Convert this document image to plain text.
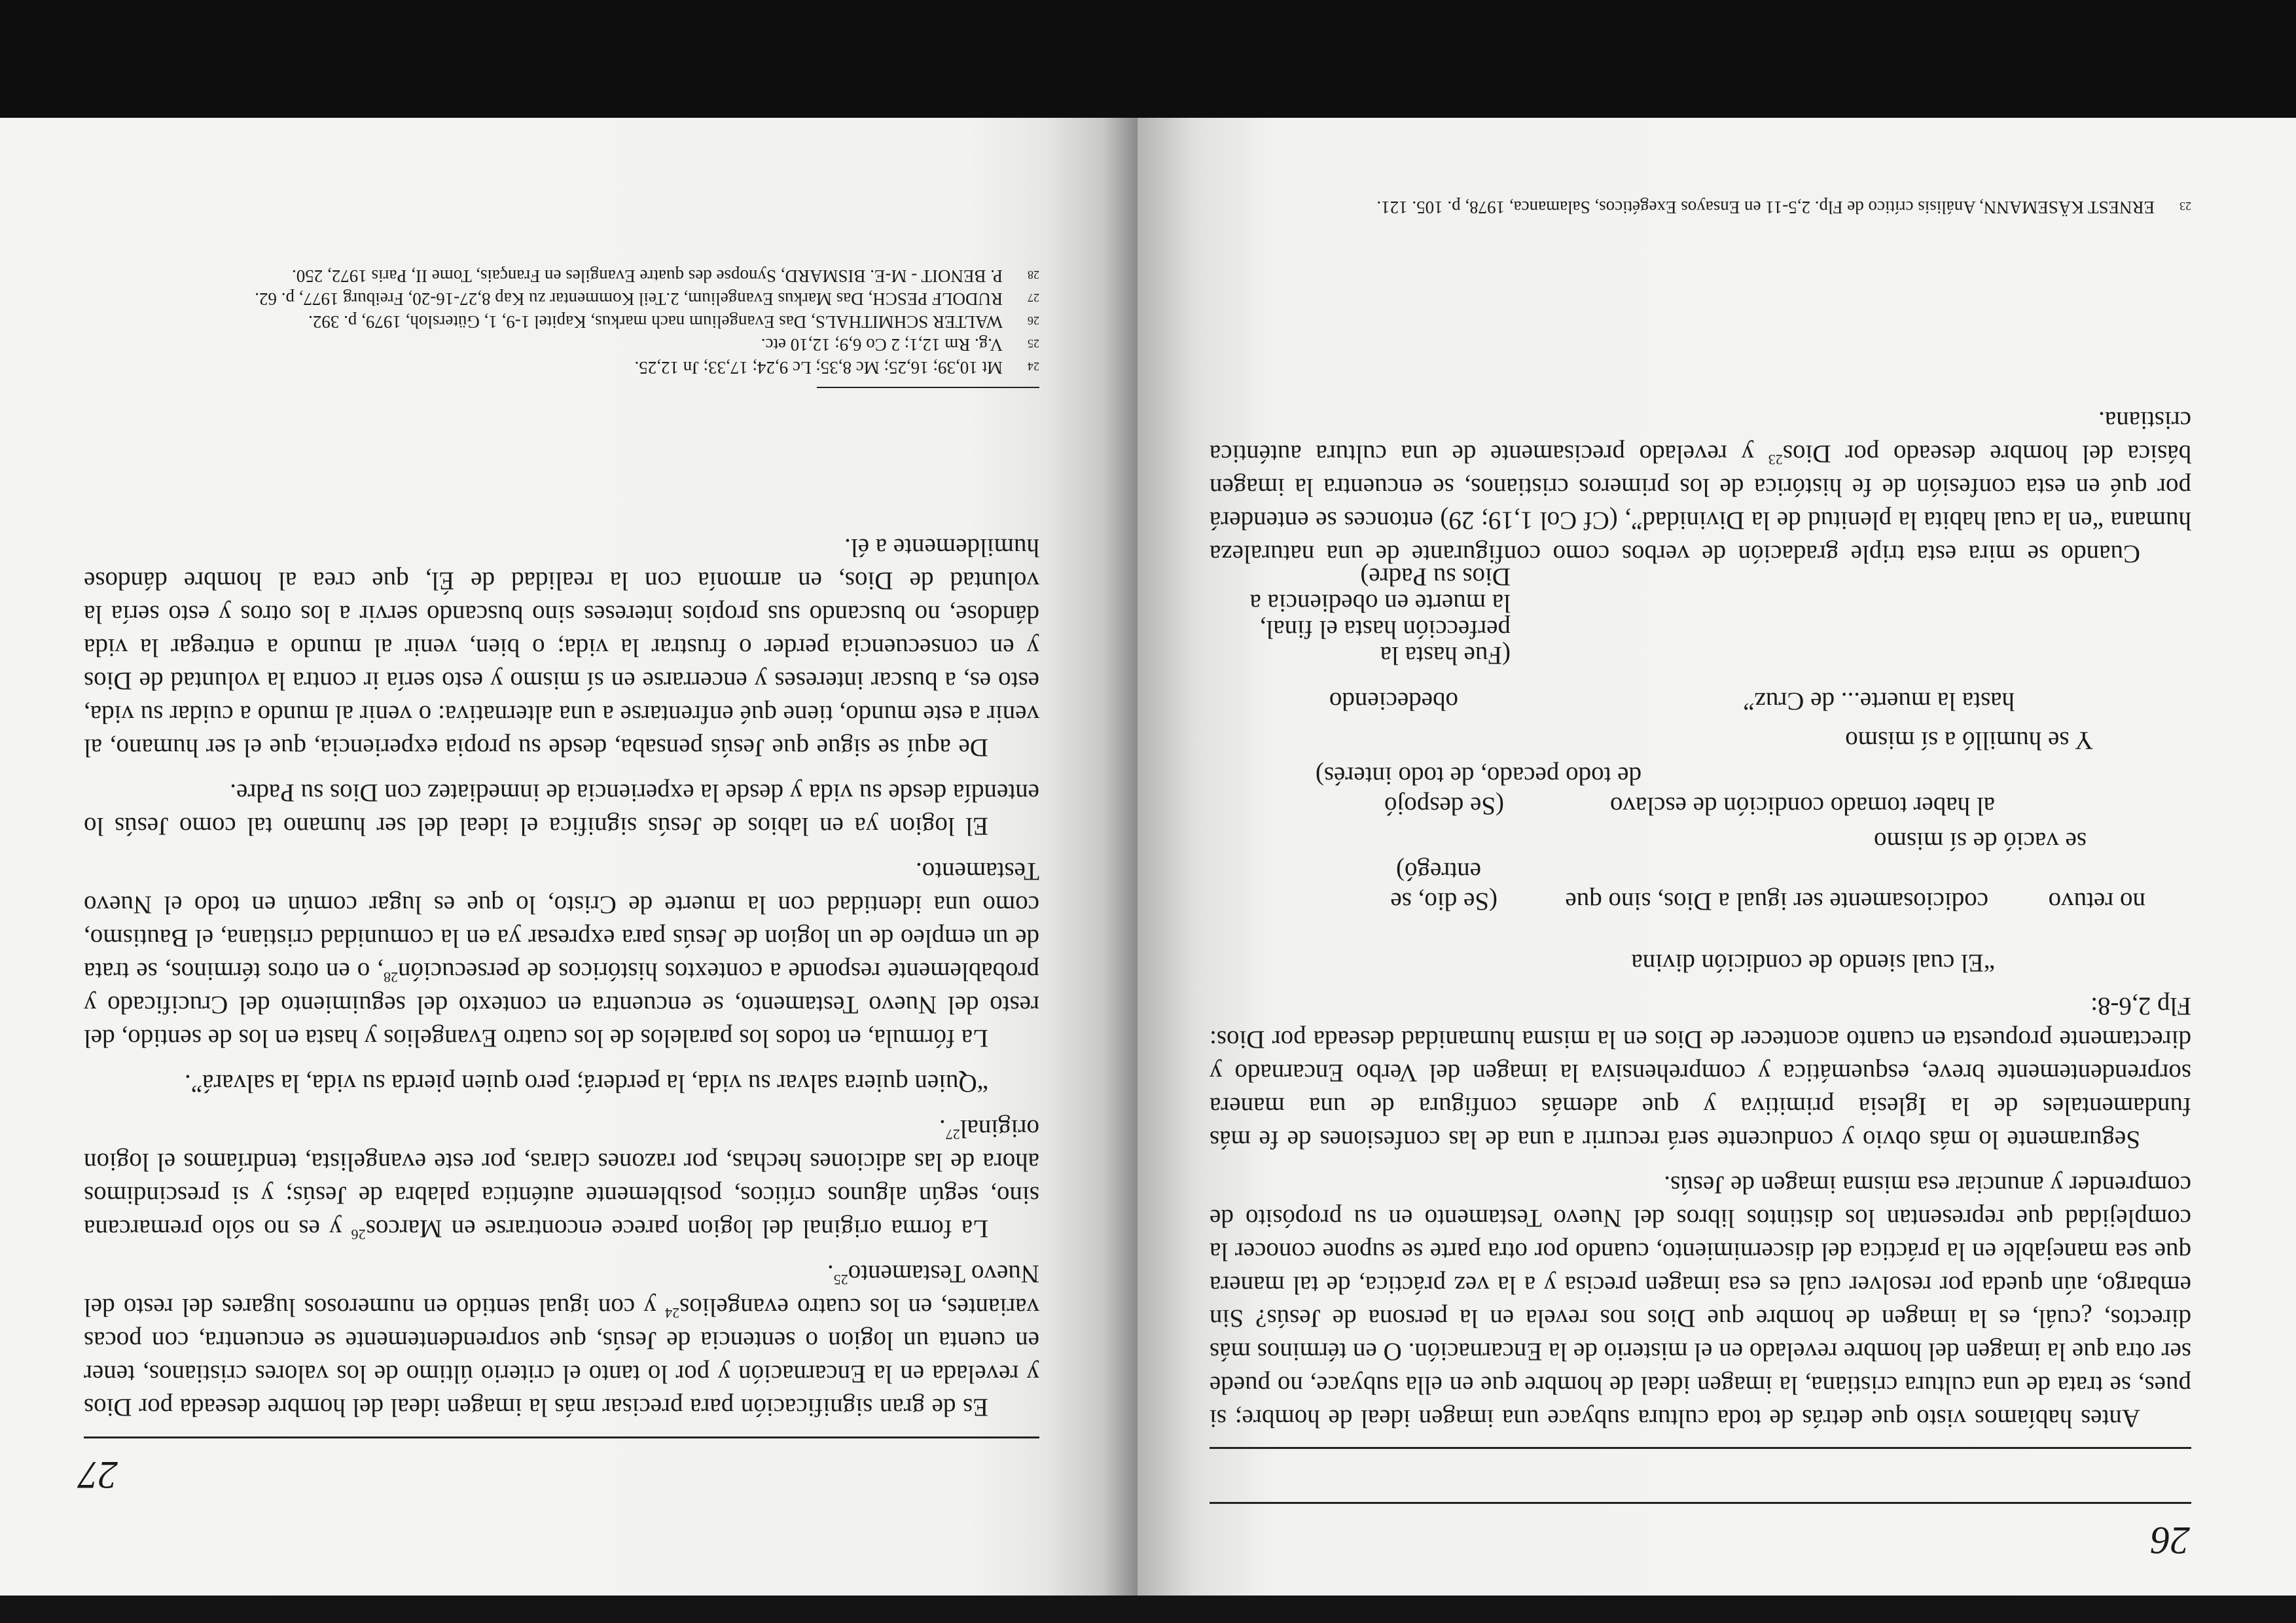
26

Antes habíamos visto que detrás de toda cultura subyace una imagen ideal de hombre; si pues, se trata de una cultura cristiana, la imagen ideal de hombre que en ella subyace, no puede ser otra que la imagen del hombre revelado en el misterio de la Encarnación. O en términos más directos, ¿cuál, es la imagen de hombre que Dios nos revela en la persona de Jesús? Sin embargo, aún queda por resolver cuál es esa imagen precisa y a la vez práctica, de tal manera que sea manejable en la práctica del discernimiento, cuando por otra parte se supone conocer la complejidad que representan los distintos libros del Nuevo Testamento en su propósito de comprender y anunciar esa misma imagen de Jesús.

Seguramente lo más obvio y conducente será recurrir a una de las confesiones de fe más fundamentales de la Iglesia primitiva y que además configura de una manera sorprendentemente breve, esquemática y comprehensiva la imagen del Verbo Encarnado y directamente propuesta en cuanto acontecer de Dios en la misma humanidad deseada por Dios: Flp 2,6-8:

“El cual siendo de condición divina
no retuvo
codiciosamente ser igual a Dios, sino que
(Se dio, se
entregó)
se vació de sí mismo
al haber tomado condición de esclavo
(Se despojó
de todo pecado, de todo interés)
Y se humilló a sí mismo
obedeciendo	hasta la muerte... de Cruz”
(Fue hasta la
perfección hasta el final,
la muerte en obediencia a
Dios su Padre)

Cuando se mira esta triple gradación de verbos como configurante de una naturaleza humana “en la cual habita la plenitud de la Divinidad”, (Cf Col 1,19; 29) entonces se entenderá por qué en esta confesión de fe histórica de los primeros cristianos, se encuentra la imagen básica del hombre deseado por Dios$^{23}$ y revelado precisamente de una cultura auténtica cristiana.

23
ERNEST KÄSEMANN, Análisis crítico de Flp. 2,5-11 en Ensayos Exegéticos, Salamanca, 1978, p. 105. 121.
27

Es de gran significación para precisar más la imagen ideal del hombre deseada por Dios y revelada en la Encarnación y por lo tanto el criterio último de los valores cristianos, tener en cuenta un logion o sentencia de Jesús, que sorprendentemente se encuentra, con pocas variantes, en los cuatro evangelios$^{24}$ y con igual sentido en numerosos lugares del resto del Nuevo Testamento$^{25}$.

La forma original del logion parece encontrarse en Marcos$^{26}$ y es no sólo premarcana sino, según algunos críticos, posiblemente auténtica palabra de Jesús; y si prescindimos ahora de las adiciones hechas, por razones claras, por este evangelista, tendríamos el logion original$^{27}$.

“Quien quiera salvar su vida, la perderá; pero quien pierda su vida, la salvará”.

La fórmula, en todos los paralelos de los cuatro Evangelios y hasta en los de sentido, del resto del Nuevo Testamento, se encuentra en contexto del seguimiento del Crucificado y probablemente responde a contextos históricos de persecución$^{28}$, o en otros términos, se trata de un empleo de un logion de Jesús para expresar ya en la comunidad cristiana, el Bautismo, como una identidad con la muerte de Cristo, lo que es lugar común en todo el Nuevo Testamento.

El logion ya en labios de Jesús significa el ideal del ser humano tal como Jesús lo entendía desde su vida y desde la experiencia de inmediatez con Dios su Padre.

De aquí se sigue que Jesús pensaba, desde su propia experiencia, que el ser humano, al venir a este mundo, tiene qué enfrentarse a una alternativa: o venir al mundo a cuidar su vida, esto es, a buscar intereses y encerrarse en sí mismo y esto sería ir contra la voluntad de Dios y en consecuencia perder o frustrar la vida; o bien, venir al mundo a entregar la vida dándose, no buscando sus propios intereses sino buscando servir a los otros y esto sería la voluntad de Dios, en armonía con la realidad de Él, que crea al hombre dándose humildemente a él.

24
Mt 10,39; 16,25; Mc 8,35; Lc 9,24; 17,33; Jn 12,25.
25
V.g. Rm 12,1; 2 Co 6,9; 12,10 etc.
26
WALTER SCHMITHALS, Das Evangelium nach markus, Kapitel 1-9, 1, Gütersloh, 1979, p. 392.
27
RUDOLF PESCH, Das Markus Evangelium, 2.Teil Kommentar zu Kap 8,27-16-20, Freiburg 1977, p. 62.
28
P. BENOIT - M-E. BISMARD, Synopse des quatre Evangiles en Français, Tome II, Paris 1972, 250.
